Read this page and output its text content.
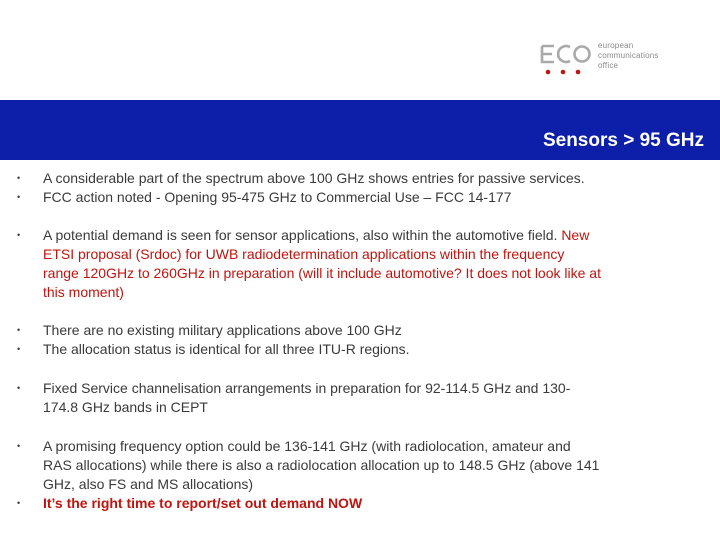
european
communications
office
Sensors > 95 GHz
• A considerable part of the spectrum above 100 GHz shows entries for passive services.
• FCC action noted - Opening 95-475 GHz to Commercial Use – FCC 14-177
• A potential demand is seen for sensor applications, also within the automotive field. New
ETSI proposal (Srdoc) for UWB radiodetermination applications within the frequency
range 120GHz to 260GHz in preparation (will it include automotive? It does not look like at
this moment)
• There are no existing military applications above 100 GHz
• The allocation status is identical for all three ITU-R regions.
• Fixed Service channelisation arrangements in preparation for 92-114.5 GHz and 130-
174.8 GHz bands in CEPT
• A promising frequency option could be 136-141 GHz (with radiolocation, amateur and
RAS allocations) while there is also a radiolocation allocation up to 148.5 GHz (above 141
GHz, also FS and MS allocations)
• It’s the right time to report/set out demand NOW
